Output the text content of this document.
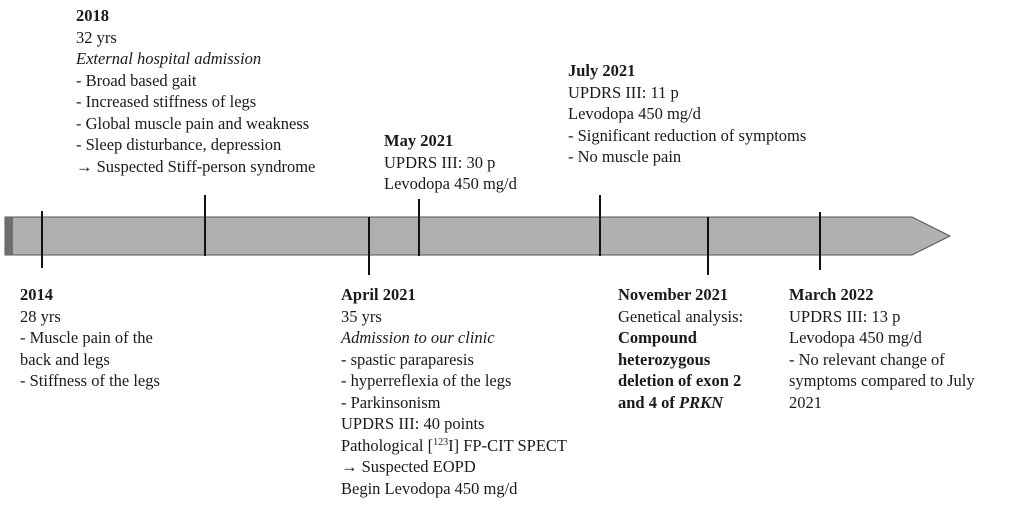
2018
32 yrs
External hospital admission
- Broad based gait
- Increased stiffness of legs
- Global muscle pain and weakness
- Sleep disturbance, depression
→ Suspected Stiff-person syndrome
May 2021
UPDRS III: 30 p
Levodopa 450 mg/d
July 2021
UPDRS III: 11 p
Levodopa 450 mg/d
- Significant reduction of symptoms
- No muscle pain
2014
28 yrs
- Muscle pain of the
back and legs
- Stiffness of the legs
April 2021
35 yrs
Admission to our clinic
- spastic paraparesis
- hyperreflexia of the legs
- Parkinsonism
UPDRS III: 40 points
Pathological [$^{123}$I] FP-CIT SPECT
→ Suspected EOPD
Begin Levodopa 450 mg/d
November 2021
Genetical analysis:
Compound
heterozygous
deletion of exon 2
and 4 of PRKN
March 2022
UPDRS III: 13 p
Levodopa 450 mg/d
- No relevant change of
symptoms compared to July
2021
